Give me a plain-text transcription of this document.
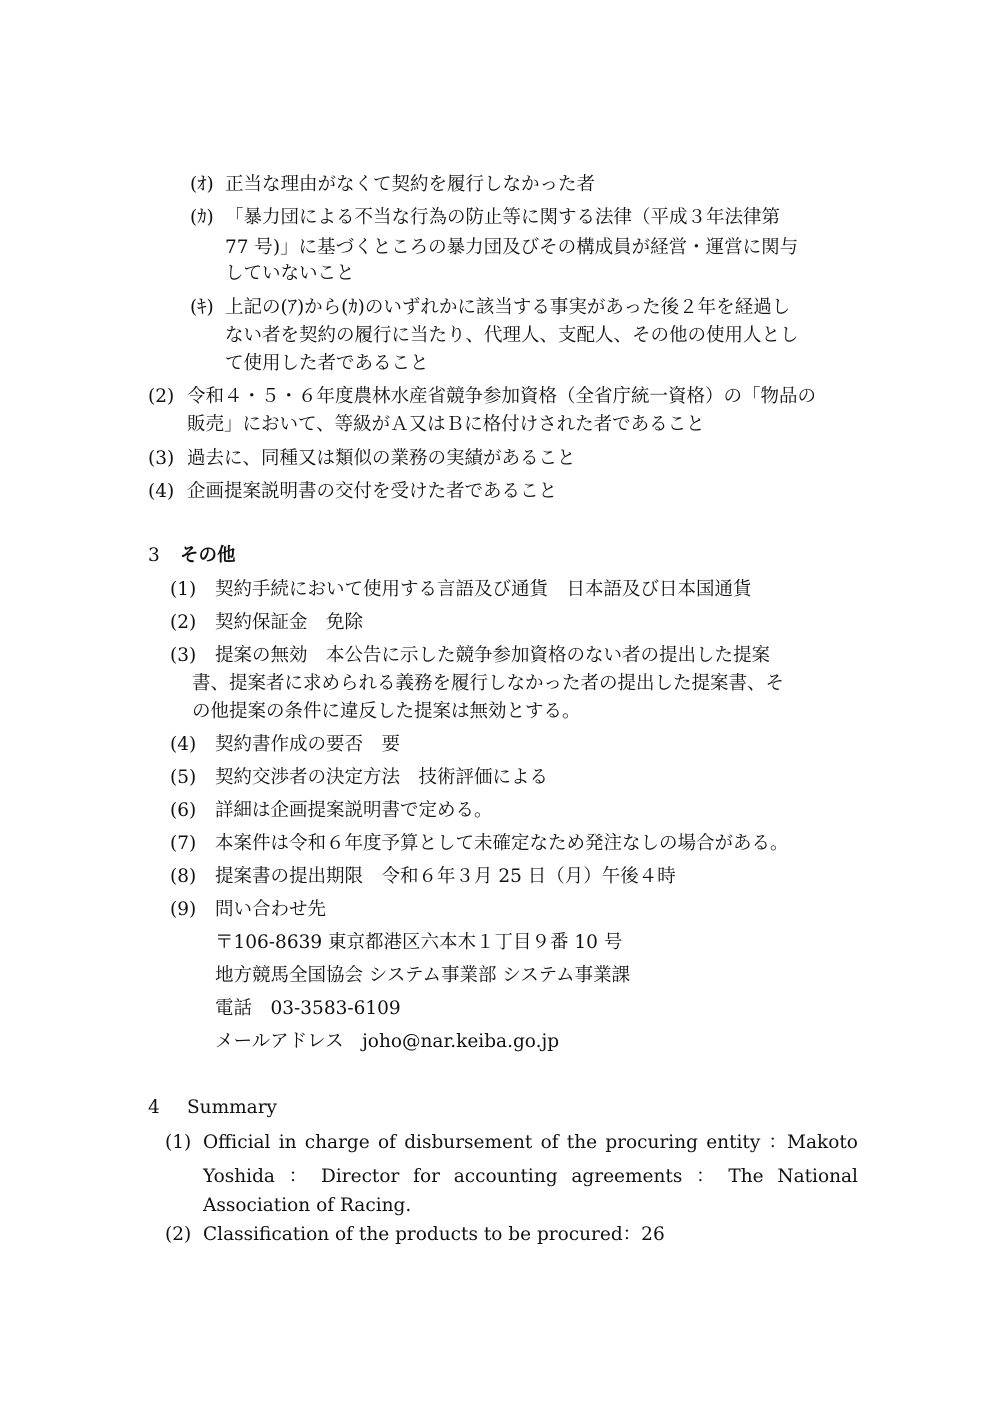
(ｵ) 正当な理由がなくて契約を履行しなかった者
(ｶ) 「暴力団による不当な行為の防止等に関する法律（平成３年法律第
77 号)」に基づくところの暴力団及びその構成員が経営・運営に関与
していないこと
(ｷ) 上記の(ｱ)から(ｶ)のいずれかに該当する事実があった後２年を経過し
ない者を契約の履行に当たり、代理人、支配人、その他の使用人とし
て使用した者であること
(2) 令和４・５・６年度農林水産省競争参加資格（全省庁統一資格）の「物品の
販売」において、等級がＡ又はＢに格付けされた者であること
(3) 過去に、同種又は類似の業務の実績があること
(4) 企画提案説明書の交付を受けた者であること
3 その他
(1) 契約手続において使用する言語及び通貨　日本語及び日本国通貨
(2) 契約保証金　免除
(3) 提案の無効　本公告に示した競争参加資格のない者の提出した提案
書、提案者に求められる義務を履行しなかった者の提出した提案書、そ
の他提案の条件に違反した提案は無効とする。
(4) 契約書作成の要否　要
(5) 契約交渉者の決定方法　技術評価による
(6) 詳細は企画提案説明書で定める。
(7) 本案件は令和６年度予算として未確定なため発注なしの場合がある。
(8) 提案書の提出期限　令和６年３月 25 日（月）午後４時
(9) 問い合わせ先
〒106-8639 東京都港区六本木１丁目９番 10 号
地方競馬全国協会 システム事業部 システム事業課
電話　03-3583-6109
メールアドレス　joho@nar.keiba.go.jp
4 Summary
(1) Official in charge of disbursement of the procuring entity ：Makoto
Yoshida ： Director for accounting agreements ： The National
Association of Racing.
(2) Classification of the products to be procured：26
